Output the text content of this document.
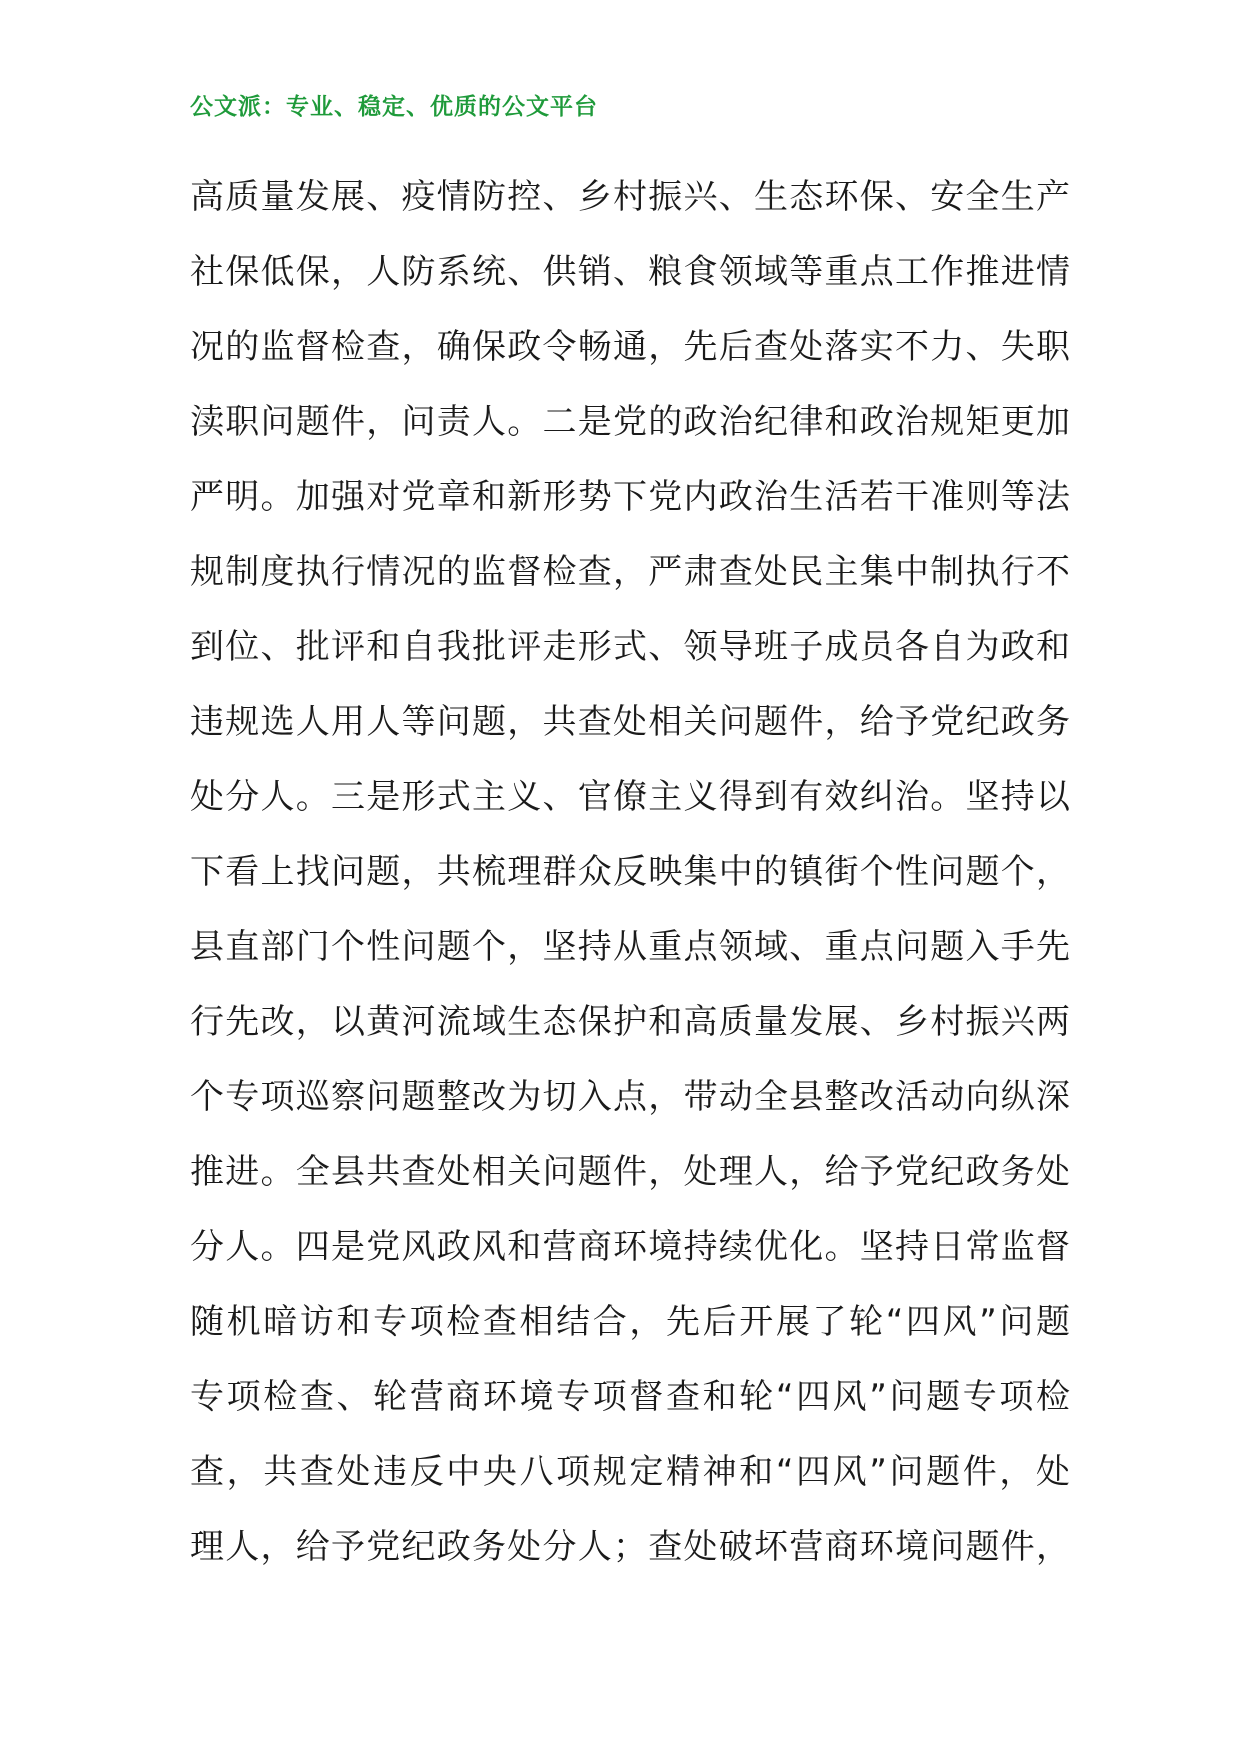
公文派：专业、稳定、优质的公文平台
高质量发展、疫情防控、乡村振兴、生态环保、安全生产
社保低保，人防系统、供销、粮食领域等重点工作推进情
况的监督检查，确保政令畅通，先后查处落实不力、失职
渎职问题件，问责人。二是党的政治纪律和政治规矩更加
严明。加强对党章和新形势下党内政治生活若干准则等法
规制度执行情况的监督检查，严肃查处民主集中制执行不
到位、批评和自我批评走形式、领导班子成员各自为政和
违规选人用人等问题，共查处相关问题件，给予党纪政务
处分人。三是形式主义、官僚主义得到有效纠治。坚持以
下看上找问题，共梳理群众反映集中的镇街个性问题个，
县直部门个性问题个，坚持从重点领域、重点问题入手先
行先改，以黄河流域生态保护和高质量发展、乡村振兴两
个专项巡察问题整改为切入点，带动全县整改活动向纵深
推进。全县共查处相关问题件，处理人，给予党纪政务处
分人。四是党风政风和营商环境持续优化。坚持日常监督
随机暗访和专项检查相结合，先后开展了轮“四风”问题
专项检查、轮营商环境专项督查和轮“四风”问题专项检
查，共查处违反中央八项规定精神和“四风”问题件，处
理人，给予党纪政务处分人；查处破坏营商环境问题件，
